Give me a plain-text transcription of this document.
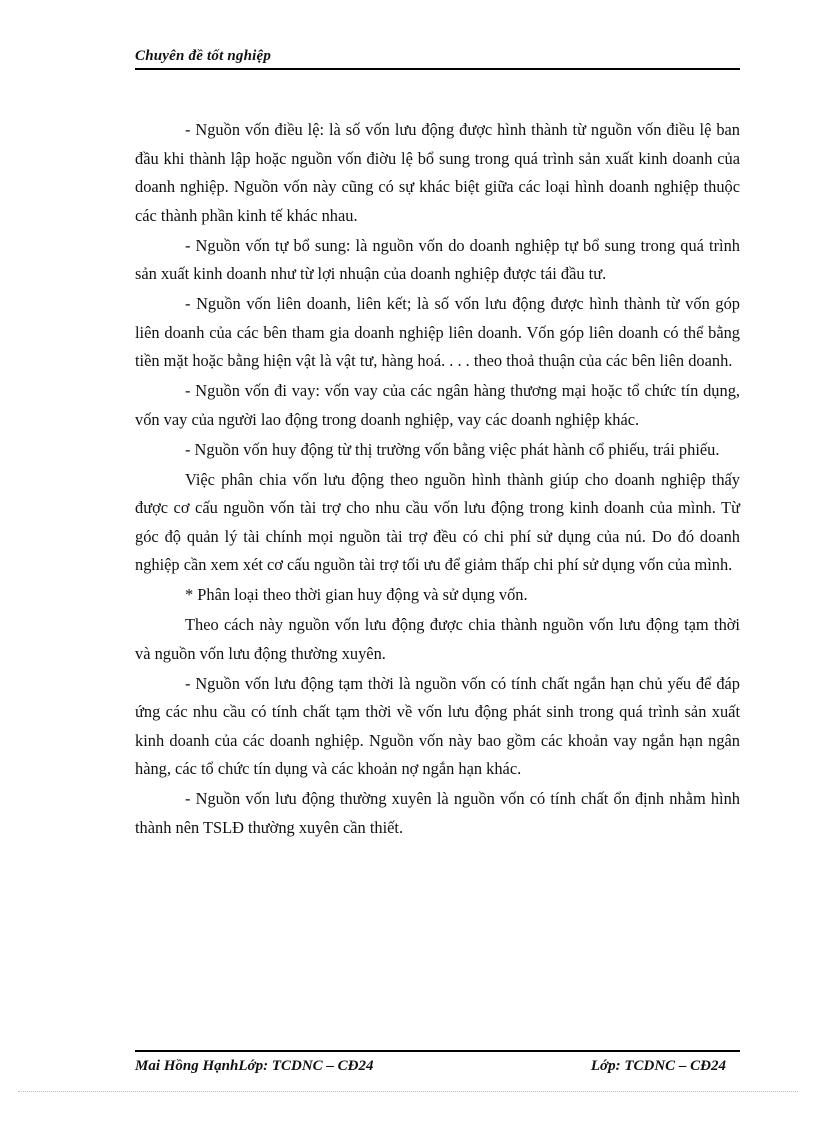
Chuyên đề tốt nghiệp

- Nguồn vốn điều lệ: là số vốn lưu động được hình thành từ nguồn vốn điều lệ ban đầu khi thành lập hoặc nguồn vốn điờu lệ bổ sung trong quá trình sản xuất kinh doanh của doanh nghiệp. Nguồn vốn này cũng có sự khác biệt giữa các loại hình doanh nghiệp thuộc các thành phần kinh tế khác nhau.

- Nguồn vốn tự bổ sung: là nguồn vốn do doanh nghiệp tự bổ sung trong quá trình sản xuất kinh doanh như từ lợi nhuận của doanh nghiệp được tái đầu tư.

- Nguồn vốn liên doanh, liên kết; là số vốn lưu động được hình thành từ vốn góp liên doanh của các bên tham gia doanh nghiệp liên doanh. Vốn góp liên doanh có thể bằng tiền mặt hoặc bằng hiện vật là vật tư, hàng hoá. . . . theo thoả thuận của các bên liên doanh.

- Nguồn vốn đi vay: vốn vay của các ngân hàng thương mại hoặc tổ chức tín dụng, vốn vay của người lao động trong doanh nghiệp, vay các doanh nghiệp khác.

- Nguồn vốn huy động từ thị trường vốn bằng việc phát hành cổ phiếu, trái phiếu.

Việc phân chia vốn lưu động theo nguồn hình thành giúp cho doanh nghiệp thấy được cơ cấu nguồn vốn tài trợ cho nhu cầu vốn lưu động trong kinh doanh của mình. Từ góc độ quản lý tài chính mọi nguồn tài trợ đều có chi phí sử dụng của nú. Do đó doanh nghiệp cần xem xét cơ cấu nguồn tài trợ tối ưu để giảm thấp chi phí sử dụng vốn của mình.

* Phân loại theo thời gian huy động và sử dụng vốn.

Theo cách này nguồn vốn lưu động được chia thành nguồn vốn lưu động tạm thời và nguồn vốn lưu động thường xuyên.

- Nguồn vốn lưu động tạm thời là nguồn vốn có tính chất ngắn hạn chủ yếu để đáp ứng các nhu cầu có tính chất tạm thời về vốn lưu động phát sinh trong quá trình sản xuất kinh doanh của các doanh nghiệp. Nguồn vốn này bao gồm các khoản vay ngắn hạn ngân hàng, các tổ chức tín dụng và các khoản nợ ngắn hạn khác.

- Nguồn vốn lưu động thường xuyên là nguồn vốn có tính chất ổn định nhằm hình thành nên TSLĐ thường xuyên cần thiết.

Mai Hồng HạnhLớp: TCDNC – CĐ24	Lớp: TCDNC – CĐ24
